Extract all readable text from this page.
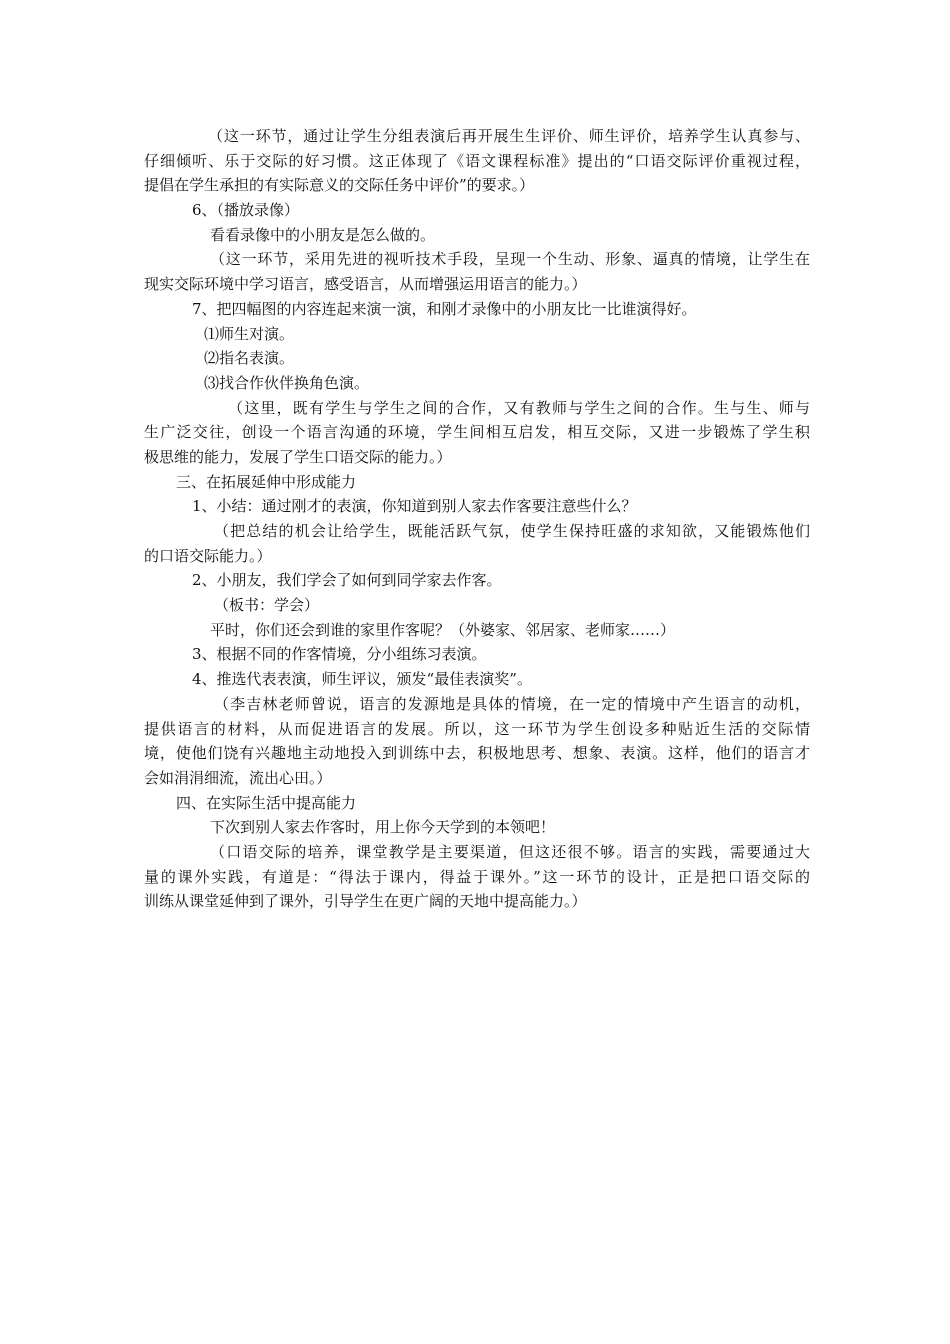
（这一环节，通过让学生分组表演后再开展生生评价、师生评价，培养学生认真参与、
仔细倾听、乐于交际的好习惯。这正体现了《语文课程标准》提出的“口语交际评价重视过程，
提倡在学生承担的有实际意义的交际任务中评价”的要求。）
6、（播放录像）
看看录像中的小朋友是怎么做的。
（这一环节，采用先进的视听技术手段，呈现一个生动、形象、逼真的情境，让学生在
现实交际环境中学习语言，感受语言，从而增强运用语言的能力。）
7、把四幅图的内容连起来演一演，和刚才录像中的小朋友比一比谁演得好。
⑴师生对演。
⑵指名表演。
⑶找合作伙伴换角色演。
（这里，既有学生与学生之间的合作，又有教师与学生之间的合作。生与生、师与
生广泛交往，创设一个语言沟通的环境，学生间相互启发，相互交际，又进一步锻炼了学生积
极思维的能力，发展了学生口语交际的能力。）
三、在拓展延伸中形成能力
1、小结：通过刚才的表演，你知道到别人家去作客要注意些什么？
（把总结的机会让给学生，既能活跃气氛，使学生保持旺盛的求知欲，又能锻炼他们
的口语交际能力。）
2、小朋友，我们学会了如何到同学家去作客。
（板书：学会）
平时，你们还会到谁的家里作客呢？（外婆家、邻居家、老师家……）
3、根据不同的作客情境，分小组练习表演。
4、推选代表表演，师生评议，颁发“最佳表演奖”。
（李吉林老师曾说，语言的发源地是具体的情境，在一定的情境中产生语言的动机，
提供语言的材料，从而促进语言的发展。所以，这一环节为学生创设多种贴近生活的交际情
境，使他们饶有兴趣地主动地投入到训练中去，积极地思考、想象、表演。这样，他们的语言才
会如涓涓细流，流出心田。）
四、在实际生活中提高能力
下次到别人家去作客时，用上你今天学到的本领吧！
（口语交际的培养，课堂教学是主要渠道，但这还很不够。语言的实践，需要通过大
量的课外实践，有道是：“得法于课内，得益于课外。”这一环节的设计，正是把口语交际的
训练从课堂延伸到了课外，引导学生在更广阔的天地中提高能力。）
